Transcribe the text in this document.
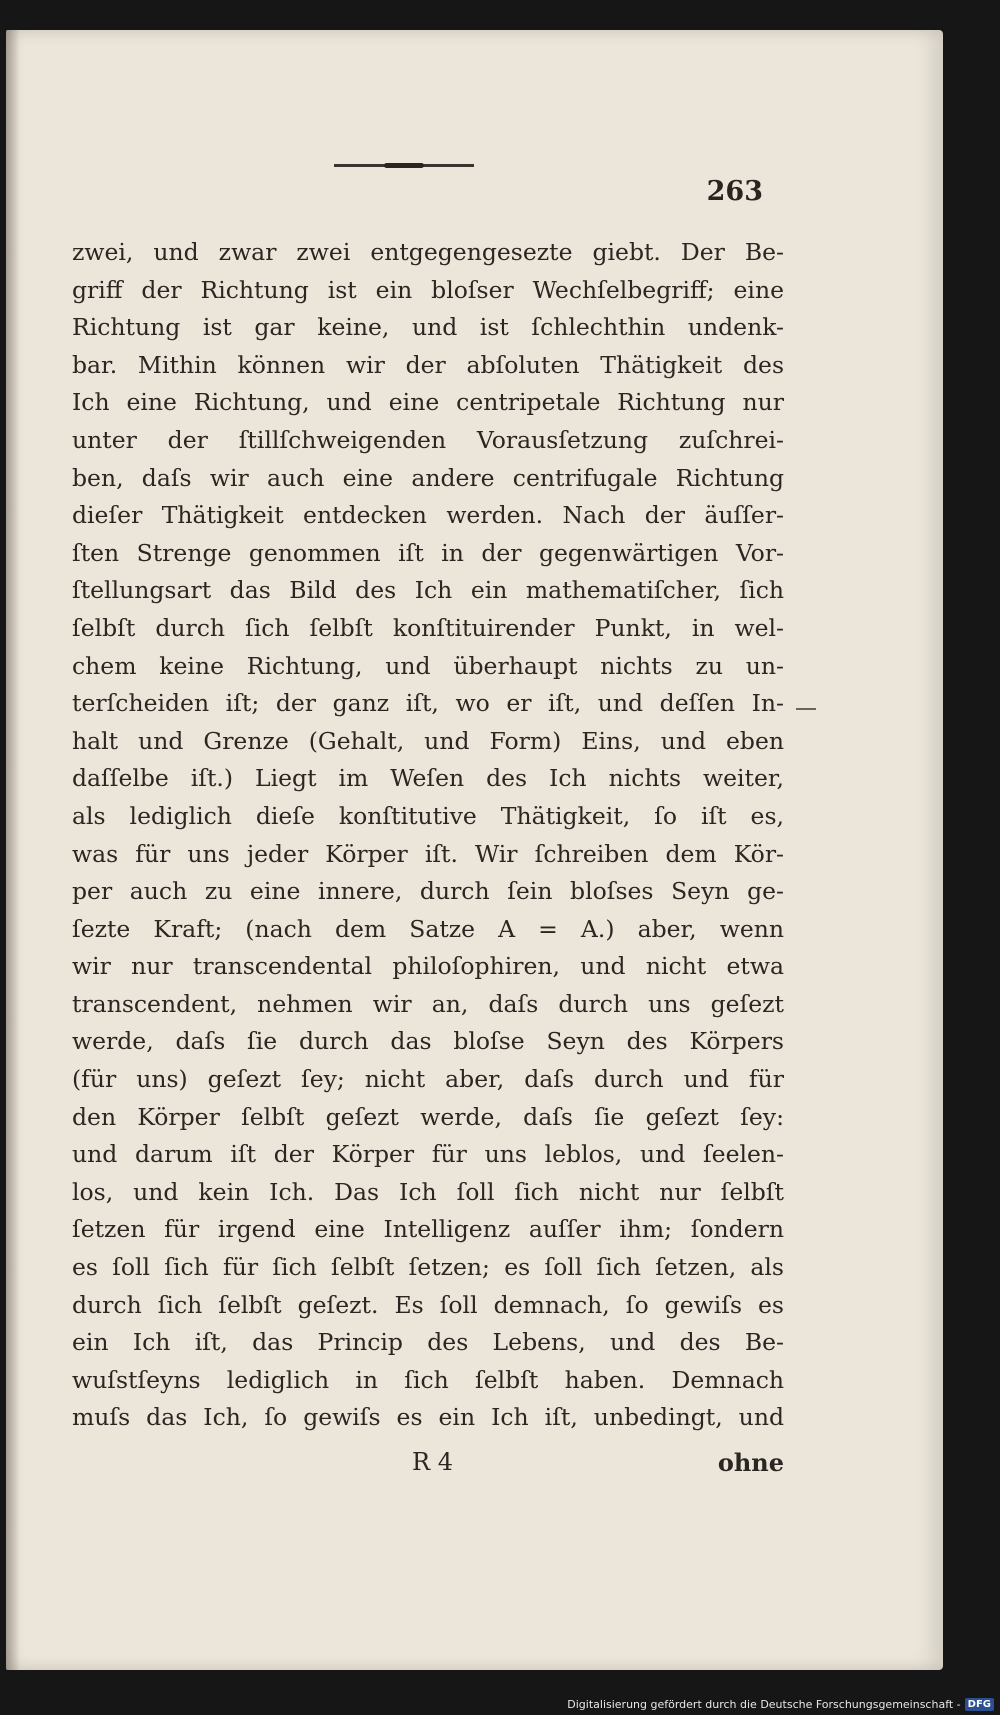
263
zwei, und zwar zwei entgegengesezte giebt. Der Be-
griff der Richtung ist ein bloſser Wechſelbegriff; eine
Richtung ist gar keine, und ist ſchlechthin undenk-
bar. Mithin können wir der abſoluten Thätigkeit des
Ich eine Richtung, und eine centripetale Richtung nur
unter der ſtillſchweigenden Vorausſetzung zuſchrei-
ben, daſs wir auch eine andere centrifugale Richtung
dieſer Thätigkeit entdecken werden. Nach der äuſſer-
ſten Strenge genommen iſt in der gegenwärtigen Vor-
ſtellungsart das Bild des Ich ein mathematiſcher, ſich
ſelbſt durch ſich ſelbſt konſtituirender Punkt, in wel-
chem keine Richtung, und überhaupt nichts zu un-
terſcheiden iſt; der ganz iſt, wo er iſt, und deſſen In-
halt und Grenze (Gehalt, und Form) Eins, und eben
daſſelbe iſt.) Liegt im Weſen des Ich nichts weiter,
als lediglich dieſe konſtitutive Thätigkeit, ſo iſt es,
was für uns jeder Körper iſt. Wir ſchreiben dem Kör-
per auch zu eine innere, durch ſein bloſses Seyn ge-
ſezte Kraft; (nach dem Satze A = A.) aber, wenn
wir nur transcendental philoſophiren, und nicht etwa
transcendent, nehmen wir an, daſs durch uns geſezt
werde, daſs ſie durch das bloſse Seyn des Körpers
(für uns) geſezt ſey; nicht aber, daſs durch und für
den Körper ſelbſt geſezt werde, daſs ſie geſezt ſey:
und darum iſt der Körper für uns leblos, und ſeelen-
los, und kein Ich. Das Ich ſoll ſich nicht nur ſelbſt
ſetzen für irgend eine Intelligenz auſſer ihm; ſondern
es ſoll ſich für ſich ſelbſt ſetzen; es ſoll ſich ſetzen, als
durch ſich ſelbſt geſezt. Es ſoll demnach, ſo gewiſs es
ein Ich iſt, das Princip des Lebens, und des Be-
wuſstſeyns lediglich in ſich ſelbſt haben. Demnach
muſs das Ich, ſo gewiſs es ein Ich iſt, unbedingt, und
R 4	ohne
Digitalisierung gefördert durch die Deutsche Forschungsgemeinschaft - DFG
